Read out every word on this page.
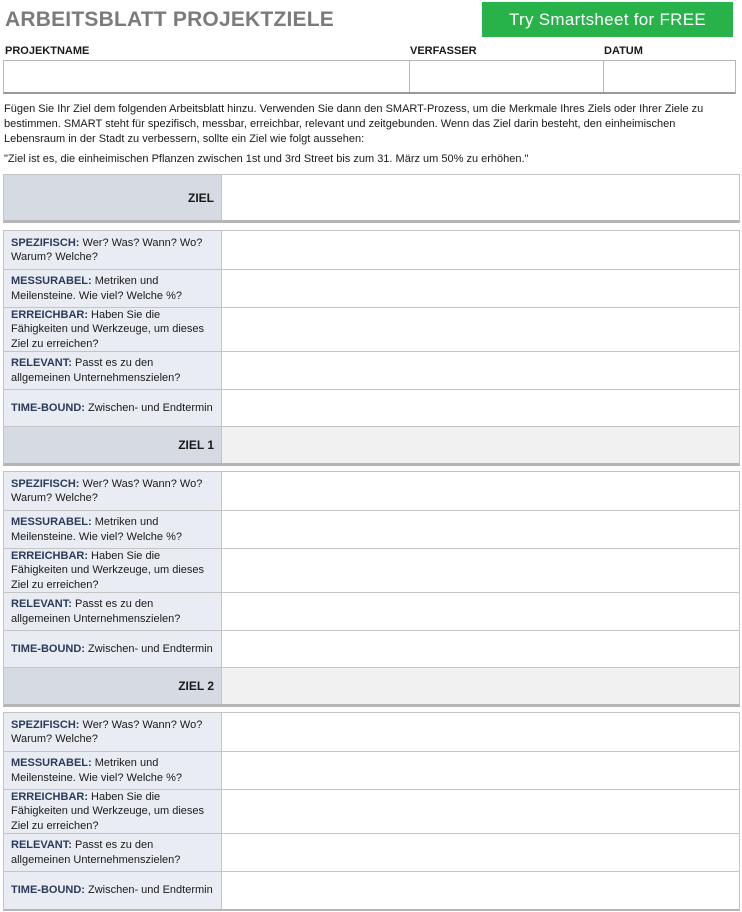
ARBEITSBLATT PROJEKTZIELE	Try Smartsheet for FREE
PROJEKTNAME	VERFASSER	DATUM
Fügen Sie Ihr Ziel dem folgenden Arbeitsblatt hinzu. Verwenden Sie dann den SMART-Prozess, um die Merkmale Ihres Ziels oder Ihrer Ziele zu bestimmen. SMART steht für spezifisch, messbar, erreichbar, relevant und zeitgebunden. Wenn das Ziel darin besteht, den einheimischen Lebensraum in der Stadt zu verbessern, sollte ein Ziel wie folgt aussehen:
"Ziel ist es, die einheimischen Pflanzen zwischen 1st und 3rd Street bis zum 31. März um 50% zu erhöhen."
ZIEL
SPEZIFISCH: Wer? Was? Wann? Wo? Warum? Welche?
MESSURABEL: Metriken und Meilensteine. Wie viel? Welche %?
ERREICHBAR: Haben Sie die Fähigkeiten und Werkzeuge, um dieses Ziel zu erreichen?
RELEVANT: Passt es zu den allgemeinen Unternehmenszielen?
TIME-BOUND: Zwischen- und Endtermin
ZIEL 1
SPEZIFISCH: Wer? Was? Wann? Wo? Warum? Welche?
MESSURABEL: Metriken und Meilensteine. Wie viel? Welche %?
ERREICHBAR: Haben Sie die Fähigkeiten und Werkzeuge, um dieses Ziel zu erreichen?
RELEVANT: Passt es zu den allgemeinen Unternehmenszielen?
TIME-BOUND: Zwischen- und Endtermin
ZIEL 2
SPEZIFISCH: Wer? Was? Wann? Wo? Warum? Welche?
MESSURABEL: Metriken und Meilensteine. Wie viel? Welche %?
ERREICHBAR: Haben Sie die Fähigkeiten und Werkzeuge, um dieses Ziel zu erreichen?
RELEVANT: Passt es zu den allgemeinen Unternehmenszielen?
TIME-BOUND: Zwischen- und Endtermin
